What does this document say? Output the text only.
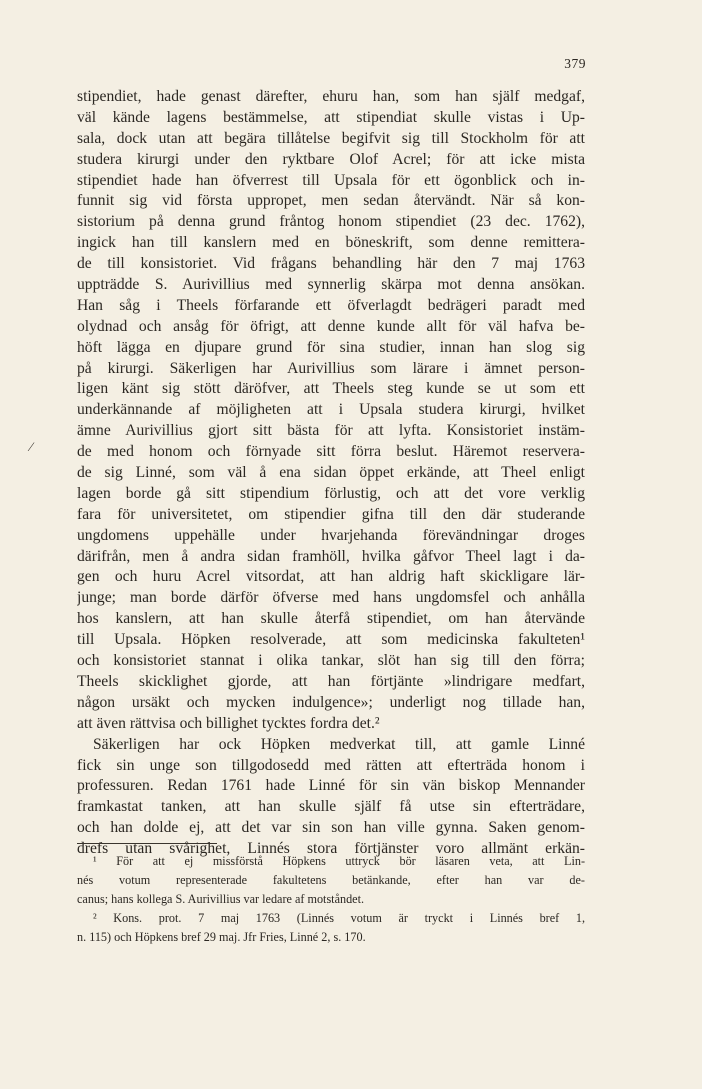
379
⁄
stipendiet, hade genast därefter, ehuru han, som han själf medgaf,
väl kände lagens bestämmelse, att stipendiat skulle vistas i Up-
sala, dock utan att begära tillåtelse begifvit sig till Stockholm för att
studera kirurgi under den ryktbare Olof Acrel; för att icke mista
stipendiet hade han öfverrest till Upsala för ett ögonblick och in-
funnit sig vid första uppropet, men sedan återvändt. När så kon-
sistorium på denna grund fråntog honom stipendiet (23 dec. 1762),
ingick han till kanslern med en böneskrift, som denne remittera-
de till konsistoriet. Vid frågans behandling här den 7 maj 1763
uppträdde S. Aurivillius med synnerlig skärpa mot denna ansökan.
Han såg i Theels förfarande ett öfverlagdt bedrägeri paradt med
olydnad och ansåg för öfrigt, att denne kunde allt för väl hafva be-
höft lägga en djupare grund för sina studier, innan han slog sig
på kirurgi. Säkerligen har Aurivillius som lärare i ämnet person-
ligen känt sig stött däröfver, att Theels steg kunde se ut som ett
underkännande af möjligheten att i Upsala studera kirurgi, hvilket
ämne Aurivillius gjort sitt bästa för att lyfta. Konsistoriet instäm-
de med honom och förnyade sitt förra beslut. Häremot reservera-
de sig Linné, som väl å ena sidan öppet erkände, att Theel enligt
lagen borde gå sitt stipendium förlustig, och att det vore verklig
fara för universitetet, om stipendier gifna till den där studerande
ungdomens uppehälle under hvarjehanda förevändningar droges
därifrån, men å andra sidan framhöll, hvilka gåfvor Theel lagt i da-
gen och huru Acrel vitsordat, att han aldrig haft skickligare lär-
junge; man borde därför öfverse med hans ungdomsfel och anhålla
hos kanslern, att han skulle återfå stipendiet, om han återvände
till Upsala. Höpken resolverade, att som medicinska fakulteten¹
och konsistoriet stannat i olika tankar, slöt han sig till den förra;
Theels skicklighet gjorde, att han förtjänte »lindrigare medfart,
någon ursäkt och mycken indulgence»; underligt nog tillade han,
att även rättvisa och billighet tycktes fordra det.²
Säkerligen har ock Höpken medverkat till, att gamle Linné
fick sin unge son tillgodosedd med rätten att efterträda honom i
professuren. Redan 1761 hade Linné för sin vän biskop Mennander
framkastat tanken, att han skulle själf få utse sin efterträdare,
och han dolde ej, att det var sin son han ville gynna. Saken genom-
drefs utan svårighet, Linnés stora förtjänster voro allmänt erkän-
¹ För att ej missförstå Höpkens uttryck bör läsaren veta, att Lin-
nés votum representerade fakultetens betänkande, efter han var de-
canus; hans kollega S. Aurivillius var ledare af motståndet.
² Kons. prot. 7 maj 1763 (Linnés votum är tryckt i Linnés bref 1,
n. 115) och Höpkens bref 29 maj. Jfr Fries, Linné 2, s. 170.
